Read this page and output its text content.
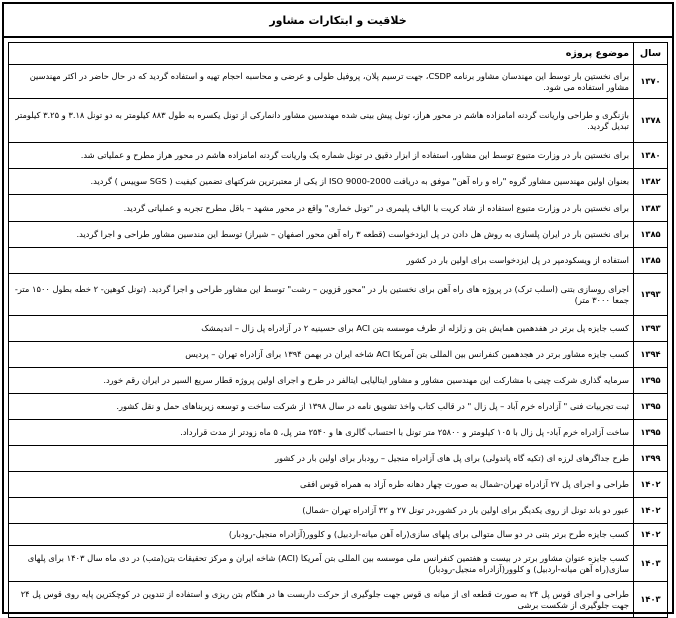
خلاقیت و ابتکارات مشاور
سال	موضوع پروژه
۱۳۷۰	برای نخستین بار توسط این مهندسان مشاور برنامه CSDP، جهت ترسیم پلان، پروفیل طولی و عرضی و محاسبه احجام تهیه و استفاده گردید که در حال حاضر در اکثر مهندسین مشاور استفاده می شود.
۱۳۷۸	بازنگری و طراحی واریانت گردنه امامزاده هاشم در محور هراز، تونل پیش بینی شده مهندسین مشاور دانمارکی از تونل یکسره به طول ۸۸۳ کیلومتر به دو تونل ۳.۱۸ و ۳.۲۵ کیلومتر تبدیل گردید.
۱۳۸۰	برای نخستین بار در وزارت متبوع توسط این مشاور، استفاده از ابزار دقیق در تونل شماره یک واریانت گردنه امامزاده هاشم در محور هراز مطرح و عملیاتی شد.
۱۳۸۲	بعنوان اولین مهندسین مشاور گروه "راه و راه آهن" موفق به دریافت ISO 9000-2000 از یکی از معتبرترین شرکتهای تضمین کیفیت ( SGS سوییس ) گردید.
۱۳۸۳	برای نخستین بار در وزارت متبوع استفاده از شاد کریت با الیاف پلیمری در "تونل خماری" واقع در محور مشهد – باقل مطرح تجربه و عملیاتی گردید.
۱۳۸۵	برای نخستین بار در ایران پلسازی به روش هل دادن در پل ایزدخواست (قطعه ۳ راه آهن محور اصفهان – شیراز) توسط این مندسین مشاور طراحی و اجرا گردید.
۱۳۸۵	استفاده از ویسکودمپر در پل ایزدخواست برای اولین بار در کشور
۱۳۹۳	اجرای روسازی بتنی (اسلب ترک) در پروژه های راه آهن برای نخستین بار در "محور قزوین – رشت" توسط این مشاور طراحی و اجرا گردید. (تونل کوهین- ۲ خطه بطول ۱۵۰۰ متر- جمعا ۳۰۰۰ متر)
۱۳۹۳	کسب جایزه پل برتر در هفدهمین همایش بتن و زلزله از طرف موسسه بتن ACI برای حسینیه ۲ در آزادراه پل زال – اندیمشک
۱۳۹۴	کسب جایزه مشاور برتر در هجدهمین کنفرانس بین المللی بتن آمریکا ACI شاخه ایران در بهمن ۱۳۹۴ برای آزادراه تهران – پردیس
۱۳۹۵	سرمایه گذاری شرکت چینی با مشارکت این مهندسین مشاور و مشاور ایتالیایی ایتالفر در طرح و اجرای اولین پروژه قطار سریع السیر در ایران رقم خورد.
۱۳۹۵	ثبت تجربیات فنی " آزادراه خرم آباد – پل زال " در قالب کتاب واخذ تشویق نامه در سال ۱۳۹۸ از شرکت ساخت و توسعه زیربناهای حمل و نقل کشور.
۱۳۹۵	ساخت آزادراه خرم آباد- پل زال با ۱۰۵ کیلومتر و ۲۵۸۰۰ متر تونل با احتساب گالری ها و ۲۵۴۰ متر پل، ۵ ماه زودتر از مدت قرارداد.
۱۳۹۹	طرح جداگرهای لرزه ای (تکیه گاه پاندولی) برای پل های آزادراه منجیل – رودبار برای اولین بار در کشور
۱۴۰۲	طراحی و اجرای پل ۲۷ آزادراه تهران-شمال به صورت چهار دهانه طره آزاد به همراه قوس افقی
۱۴۰۲	عبور دو باند تونل از روی یکدیگر برای اولین بار در کشور،در تونل ۲۷ و ۳۲ آزادراه تهران -شمال)
۱۴۰۲	کسب جایزه طرح برتر بتنی در دو سال متوالی برای پلهای سازی(راه آهن میانه-اردبیل) و کلوور(آزادراه منجیل-رودبار)
۱۴۰۳	کسب جایزه عنوان مشاور برتر در بیست و هفتمین کنفرانس ملی موسسه بین المللی بتن آمریکا (ACI) شاخه ایران و مرکز تحقیقات بتن(متب) در دی ماه سال ۱۴۰۳ برای پلهای سازی(راه آهن میانه-اردبیل) و کلوور(آزادراه منجیل-رودبار)
۱۴۰۳	طراحی و اجرای قوس پل ۲۴ به صورت قطعه ای از میانه ی قوس جهت جلوگیری از حرکت داربست ها در هنگام بتن ریزی و استفاده از تندوین در کوچکترین پایه روی قوس پل ۲۴ جهت جلوگیری از شکست برشی
